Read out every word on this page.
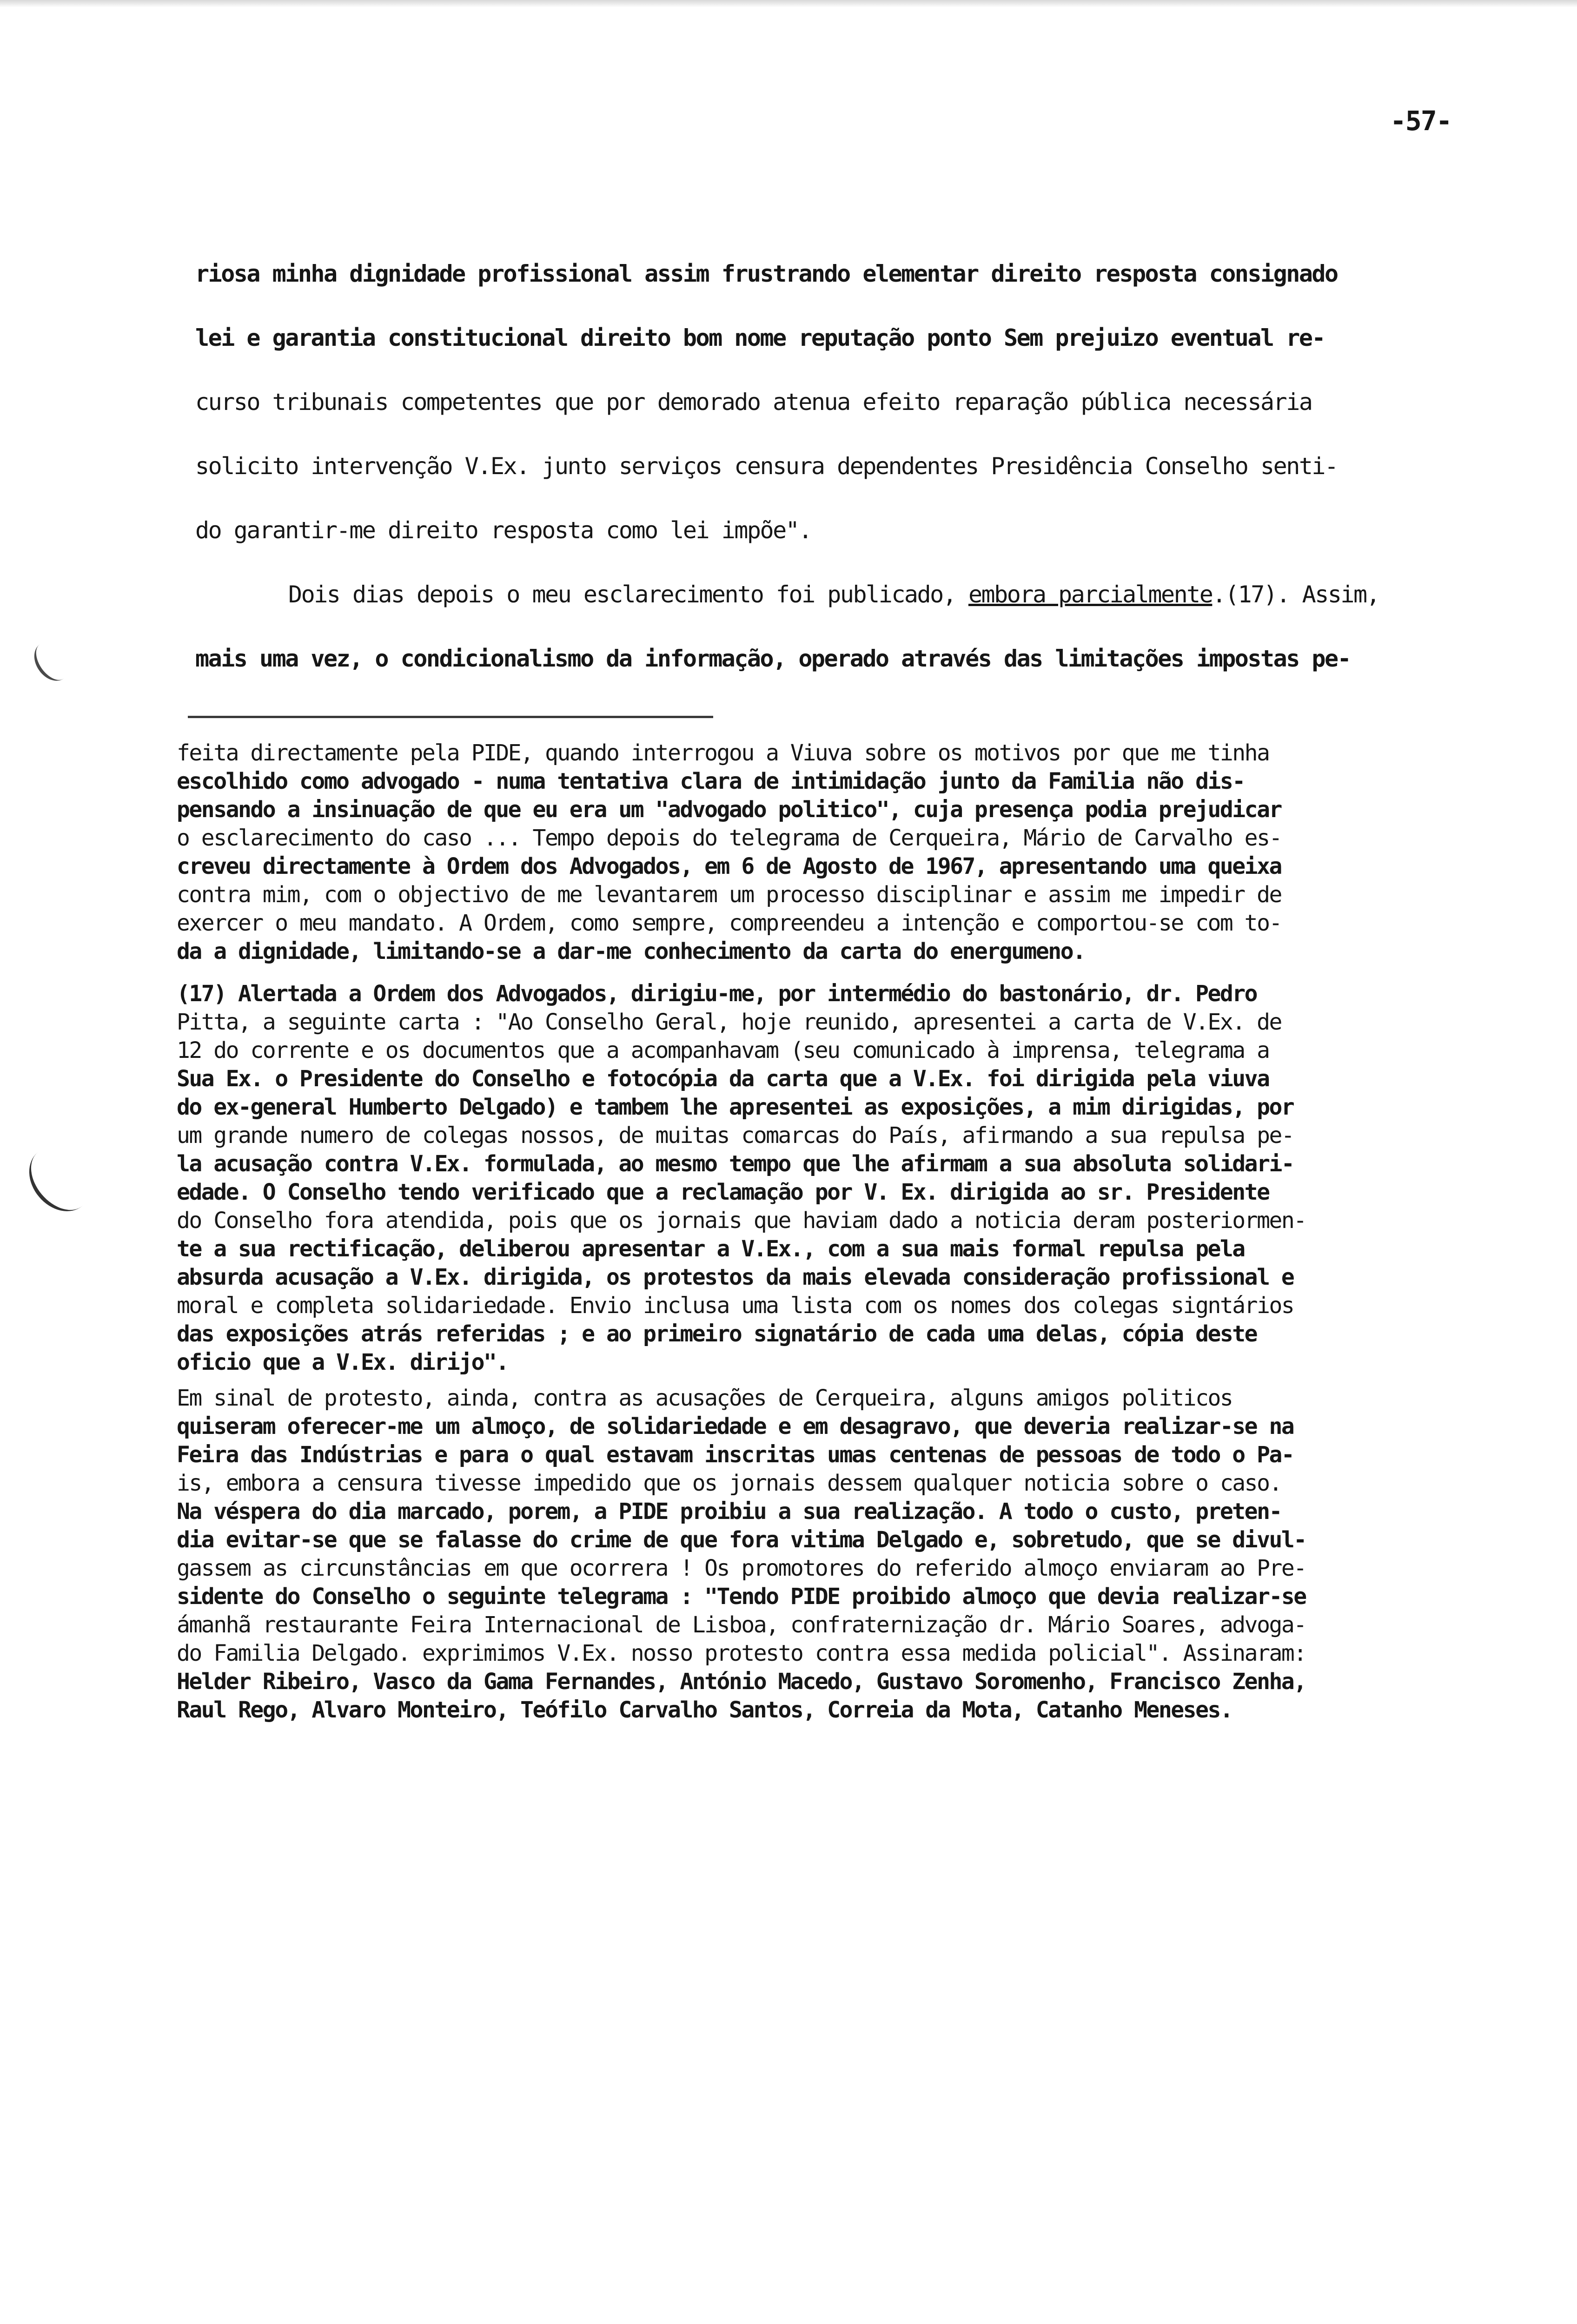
-57-

riosa minha dignidade profissional assim frustrando elementar direito resposta consignado

lei e garantia constitucional direito bom nome reputação ponto Sem prejuizo eventual re-

curso tribunais competentes que por demorado atenua efeito reparação pública necessária

solicito intervenção V.Ex. junto serviços censura dependentes Presidência Conselho senti-

do garantir-me direito resposta como lei impõe".

Dois dias depois o meu esclarecimento foi publicado, embora parcialmente.(17). Assim,

mais uma vez, o condicionalismo da informação, operado através das limitações impostas pe-

feita directamente pela PIDE, quando interrogou a Viuva sobre os motivos por que me tinha

escolhido como advogado - numa tentativa clara de intimidação junto da Familia não dis-

pensando a insinuação de que eu era um "advogado politico", cuja presença podia prejudicar

o esclarecimento do caso ... Tempo depois do telegrama de Cerqueira, Mário de Carvalho es-

creveu directamente à Ordem dos Advogados, em 6 de Agosto de 1967, apresentando uma queixa

contra mim, com o objectivo de me levantarem um processo disciplinar e assim me impedir de

exercer o meu mandato. A Ordem, como sempre, compreendeu a intenção e comportou-se com to-

da a dignidade, limitando-se a dar-me conhecimento da carta do energumeno.

(17) Alertada a Ordem dos Advogados, dirigiu-me, por intermédio do bastonário, dr. Pedro

Pitta, a seguinte carta : "Ao Conselho Geral, hoje reunido, apresentei a carta de V.Ex. de

12 do corrente e os documentos que a acompanhavam (seu comunicado à imprensa, telegrama a

Sua Ex. o Presidente do Conselho e fotocópia da carta que a V.Ex. foi dirigida pela viuva

do ex-general Humberto Delgado) e tambem lhe apresentei as exposições, a mim dirigidas, por

um grande numero de colegas nossos, de muitas comarcas do País, afirmando a sua repulsa pe-

la acusação contra V.Ex. formulada, ao mesmo tempo que lhe afirmam a sua absoluta solidari-

edade. O Conselho tendo verificado que a reclamação por V. Ex. dirigida ao sr. Presidente

do Conselho fora atendida, pois que os jornais que haviam dado a noticia deram posteriormen-

te a sua rectificação, deliberou apresentar a V.Ex., com a sua mais formal repulsa pela

absurda acusação a V.Ex. dirigida, os protestos da mais elevada consideração profissional e

moral e completa solidariedade. Envio inclusa uma lista com os nomes dos colegas signtários

das exposições atrás referidas ; e ao primeiro signatário de cada uma delas, cópia deste

oficio que a V.Ex. dirijo".

Em sinal de protesto, ainda, contra as acusações de Cerqueira, alguns amigos politicos

quiseram oferecer-me um almoço, de solidariedade e em desagravo, que deveria realizar-se na

Feira das Indústrias e para o qual estavam inscritas umas centenas de pessoas de todo o Pa-

is, embora a censura tivesse impedido que os jornais dessem qualquer noticia sobre o caso.

Na véspera do dia marcado, porem, a PIDE proibiu a sua realização. A todo o custo, preten-

dia evitar-se que se falasse do crime de que fora vitima Delgado e, sobretudo, que se divul-

gassem as circunstâncias em que ocorrera ! Os promotores do referido almoço enviaram ao Pre-

sidente do Conselho o seguinte telegrama : "Tendo PIDE proibido almoço que devia realizar-se

ámanhã restaurante Feira Internacional de Lisboa, confraternização dr. Mário Soares, advoga-

do Familia Delgado. exprimimos V.Ex. nosso protesto contra essa medida policial". Assinaram:

Helder Ribeiro, Vasco da Gama Fernandes, António Macedo, Gustavo Soromenho, Francisco Zenha,

Raul Rego, Alvaro Monteiro, Teófilo Carvalho Santos, Correia da Mota, Catanho Meneses.
